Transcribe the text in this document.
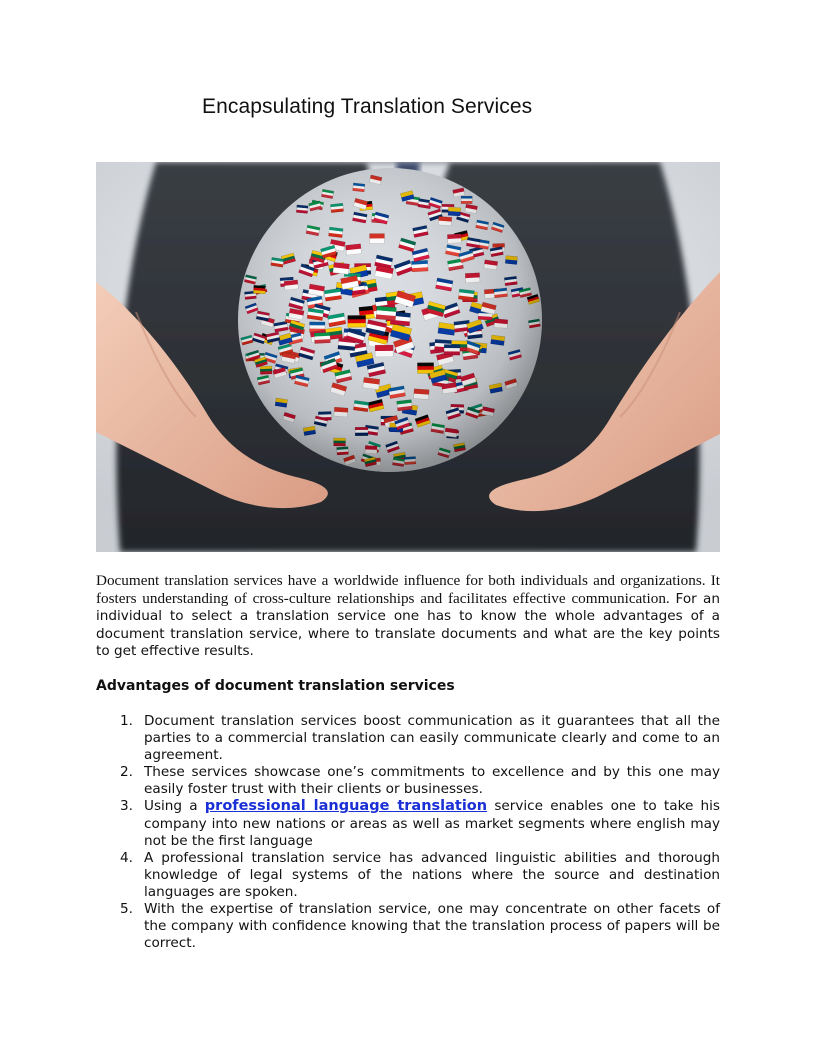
Encapsulating Translation Services
Document translation services have a worldwide influence for both individuals and organizations. It fosters understanding of cross-culture relationships and facilitates effective communication. For an individual to select a translation service one has to know the whole advantages of a document translation service, where to translate documents and what are the key points to get effective results.
Advantages of document translation services
1. Document translation services boost communication as it guarantees that all the parties to a commercial translation can easily communicate clearly and come to an agreement.
2. These services showcase one’s commitments to excellence and by this one may easily foster trust with their clients or businesses.
3. Using a professional language translation service enables one to take his company into new nations or areas as well as market segments where english may not be the first language
4. A professional translation service has advanced linguistic abilities and thorough knowledge of legal systems of the nations where the source and destination languages are spoken.
5. With the expertise of translation service, one may concentrate on other facets of the company with confidence knowing that the translation process of papers will be correct.
